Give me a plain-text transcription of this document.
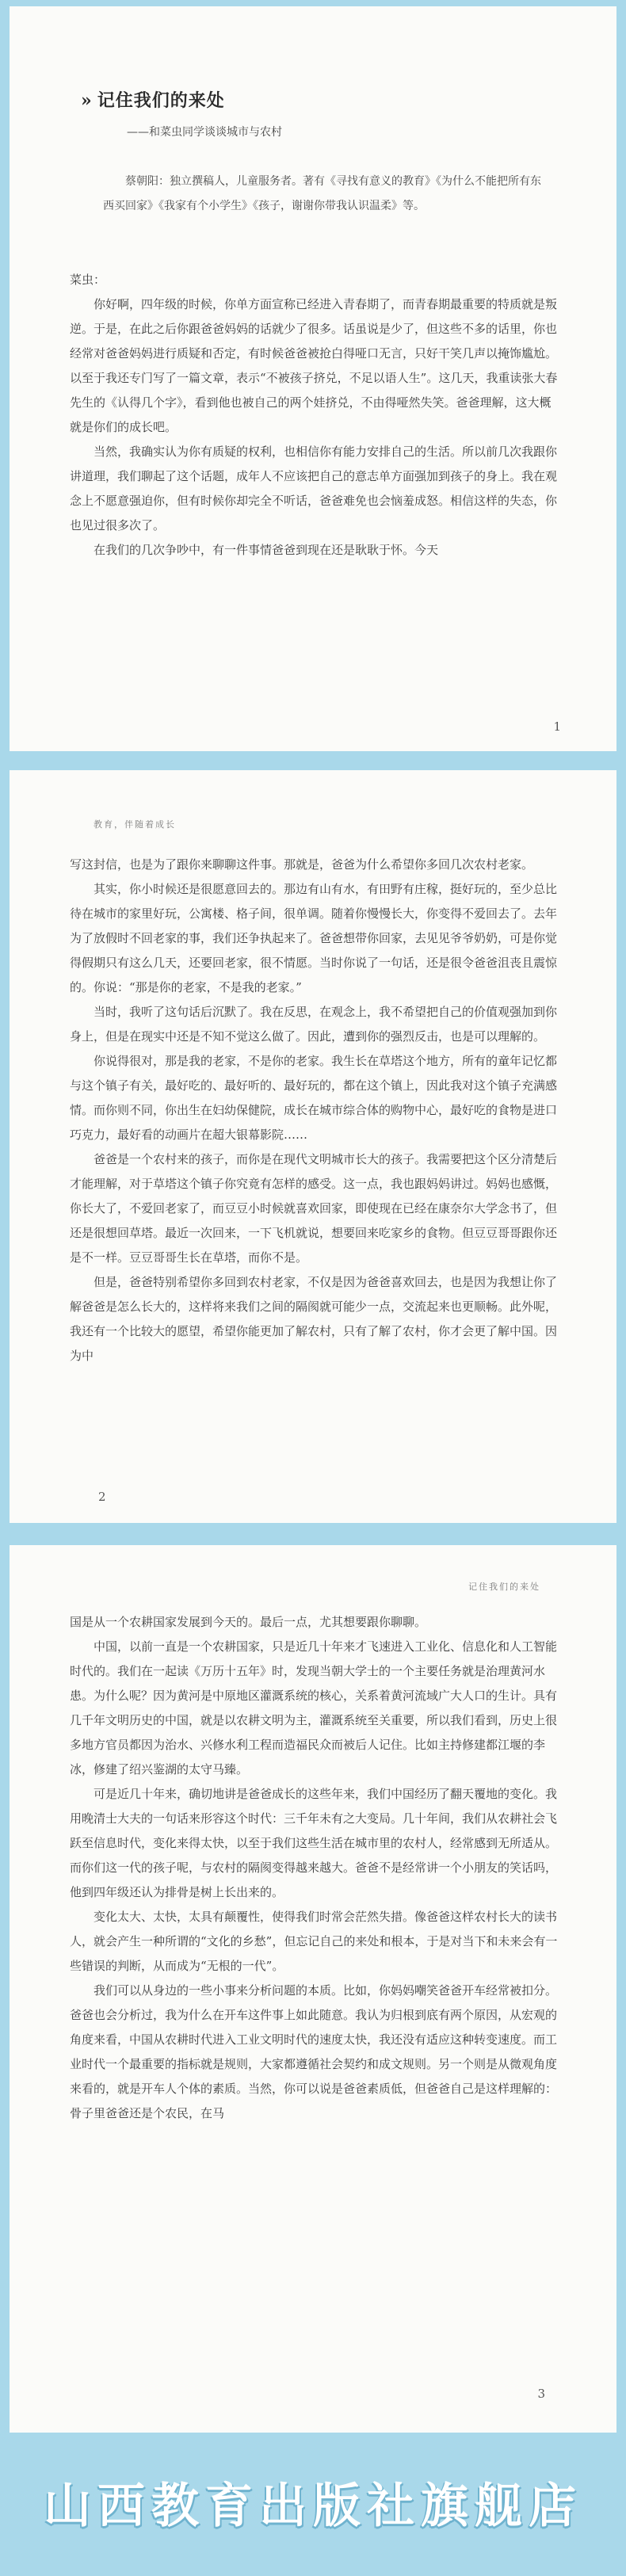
» 记住我们的来处
——和菜虫同学谈谈城市与农村

蔡朝阳：独立撰稿人，儿童服务者。著有《寻找有意义的教育》《为什么不能把所有东西买回家》《我家有个小学生》《孩子，谢谢你带我认识温柔》等。

菜虫：

你好啊，四年级的时候，你单方面宣称已经进入青春期了，而青春期最重要的特质就是叛逆。于是，在此之后你跟爸爸妈妈的话就少了很多。话虽说是少了，但这些不多的话里，你也经常对爸爸妈妈进行质疑和否定，有时候爸爸被抢白得哑口无言，只好干笑几声以掩饰尴尬。以至于我还专门写了一篇文章，表示“不被孩子挤兑，不足以语人生”。这几天，我重读张大春先生的《认得几个字》，看到他也被自己的两个娃挤兑，不由得哑然失笑。爸爸理解，这大概就是你们的成长吧。

当然，我确实认为你有质疑的权利，也相信你有能力安排自己的生活。所以前几次我跟你讲道理，我们聊起了这个话题，成年人不应该把自己的意志单方面强加到孩子的身上。我在观念上不愿意强迫你，但有时候你却完全不听话，爸爸难免也会恼羞成怒。相信这样的失态，你也见过很多次了。

在我们的几次争吵中，有一件事情爸爸到现在还是耿耿于怀。今天

1
教育，伴随着成长

写这封信，也是为了跟你来聊聊这件事。那就是，爸爸为什么希望你多回几次农村老家。

其实，你小时候还是很愿意回去的。那边有山有水，有田野有庄稼，挺好玩的，至少总比待在城市的家里好玩，公寓楼、格子间，很单调。随着你慢慢长大，你变得不爱回去了。去年为了放假时不回老家的事，我们还争执起来了。爸爸想带你回家，去见见爷爷奶奶，可是你觉得假期只有这么几天，还要回老家，很不情愿。当时你说了一句话，还是很令爸爸沮丧且震惊的。你说：“那是你的老家，不是我的老家。”

当时，我听了这句话后沉默了。我在反思，在观念上，我不希望把自己的价值观强加到你身上，但是在现实中还是不知不觉这么做了。因此，遭到你的强烈反击，也是可以理解的。

你说得很对，那是我的老家，不是你的老家。我生长在草塔这个地方，所有的童年记忆都与这个镇子有关，最好吃的、最好听的、最好玩的，都在这个镇上，因此我对这个镇子充满感情。而你则不同，你出生在妇幼保健院，成长在城市综合体的购物中心，最好吃的食物是进口巧克力，最好看的动画片在超大银幕影院……

爸爸是一个农村来的孩子，而你是在现代文明城市长大的孩子。我需要把这个区分清楚后才能理解，对于草塔这个镇子你究竟有怎样的感受。这一点，我也跟妈妈讲过。妈妈也感慨，你长大了，不爱回老家了，而豆豆小时候就喜欢回家，即使现在已经在康奈尔大学念书了，但还是很想回草塔。最近一次回来，一下飞机就说，想要回来吃家乡的食物。但豆豆哥哥跟你还是不一样。豆豆哥哥生长在草塔，而你不是。

但是，爸爸特别希望你多回到农村老家，不仅是因为爸爸喜欢回去，也是因为我想让你了解爸爸是怎么长大的，这样将来我们之间的隔阂就可能少一点，交流起来也更顺畅。此外呢，我还有一个比较大的愿望，希望你能更加了解农村，只有了解了农村，你才会更了解中国。因为中

2
记住我们的来处

国是从一个农耕国家发展到今天的。最后一点，尤其想要跟你聊聊。

中国，以前一直是一个农耕国家，只是近几十年来才飞速进入工业化、信息化和人工智能时代的。我们在一起读《万历十五年》时，发现当朝大学士的一个主要任务就是治理黄河水患。为什么呢？因为黄河是中原地区灌溉系统的核心，关系着黄河流域广大人口的生计。具有几千年文明历史的中国，就是以农耕文明为主，灌溉系统至关重要，所以我们看到，历史上很多地方官员都因为治水、兴修水利工程而造福民众而被后人记住。比如主持修建都江堰的李冰，修建了绍兴鉴湖的太守马臻。

可是近几十年来，确切地讲是爸爸成长的这些年来，我们中国经历了翻天覆地的变化。我用晚清士大夫的一句话来形容这个时代：三千年未有之大变局。几十年间，我们从农耕社会飞跃至信息时代，变化来得太快，以至于我们这些生活在城市里的农村人，经常感到无所适从。而你们这一代的孩子呢，与农村的隔阂变得越来越大。爸爸不是经常讲一个小朋友的笑话吗，他到四年级还认为排骨是树上长出来的。

变化太大、太快，太具有颠覆性，使得我们时常会茫然失措。像爸爸这样农村长大的读书人，就会产生一种所谓的“文化的乡愁”，但忘记自己的来处和根本，于是对当下和未来会有一些错误的判断，从而成为“无根的一代”。

我们可以从身边的一些小事来分析问题的本质。比如，你妈妈嘲笑爸爸开车经常被扣分。爸爸也会分析过，我为什么在开车这件事上如此随意。我认为归根到底有两个原因，从宏观的角度来看，中国从农耕时代进入工业文明时代的速度太快，我还没有适应这种转变速度。而工业时代一个最重要的指标就是规则，大家都遵循社会契约和成文规则。另一个则是从微观角度来看的，就是开车人个体的素质。当然，你可以说是爸爸素质低，但爸爸自己是这样理解的：骨子里爸爸还是个农民，在马

3
山西教育出版社旗舰店
